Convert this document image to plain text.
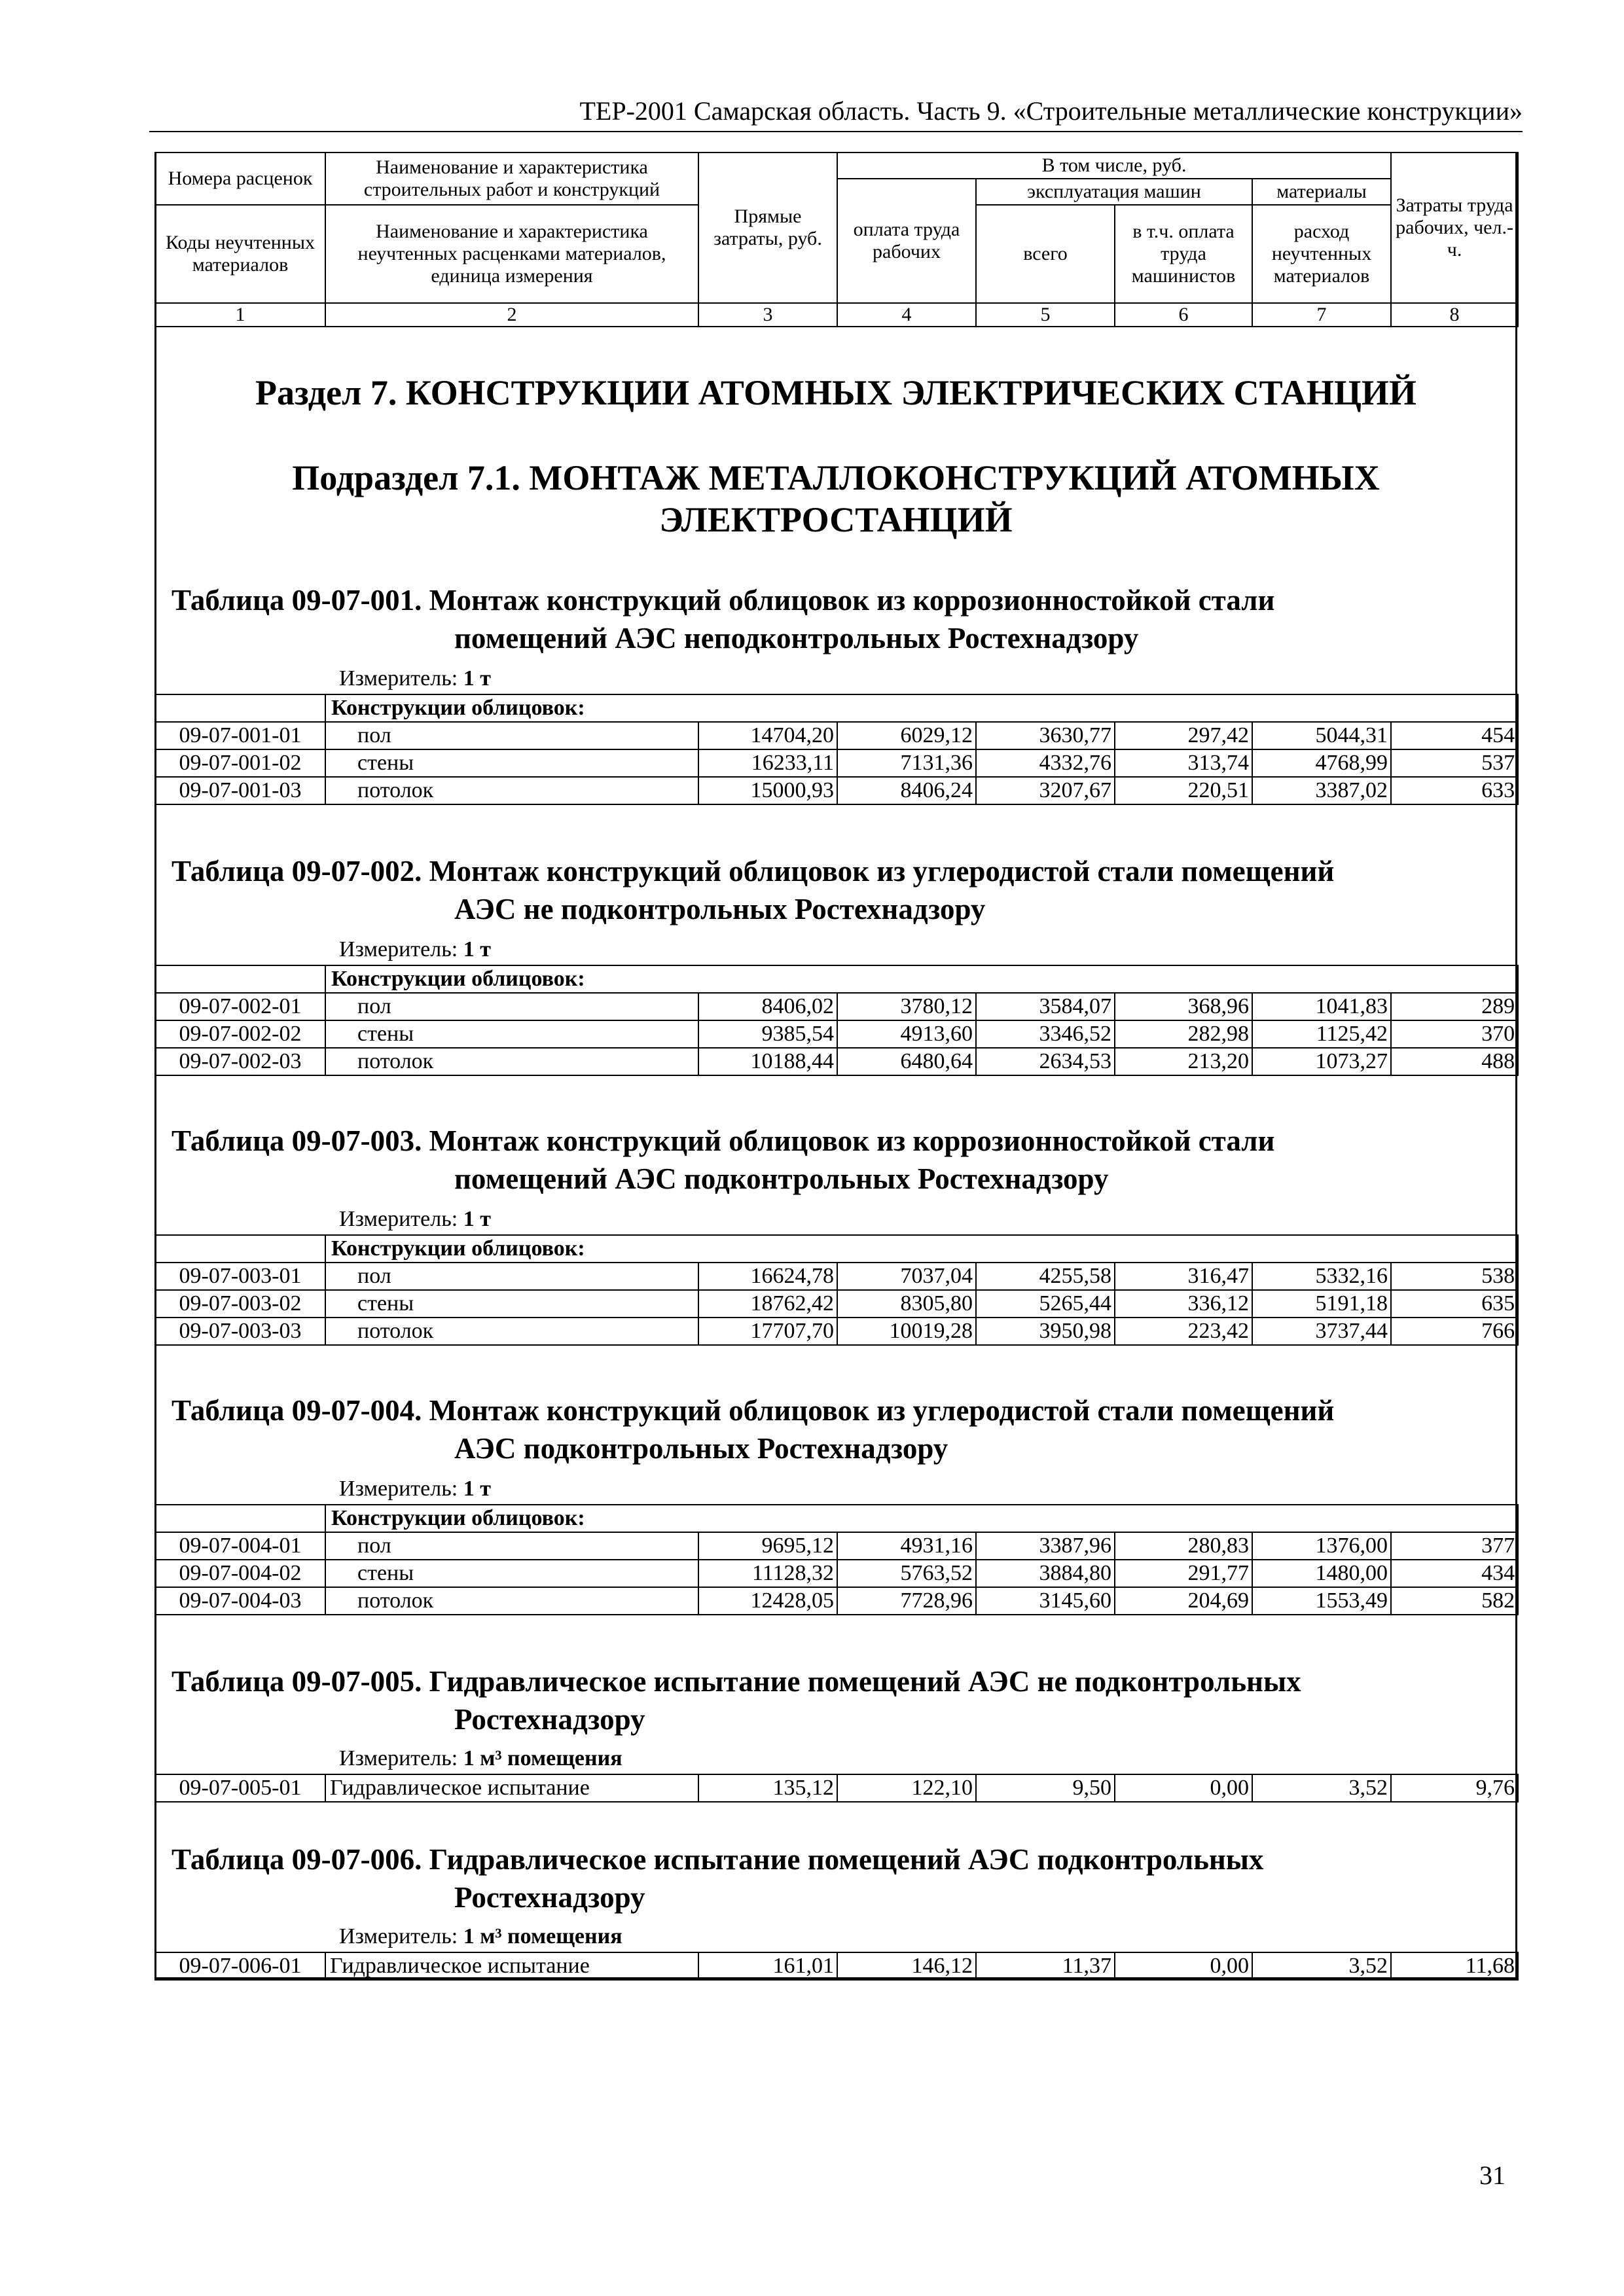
ТЕР-2001 Самарская область. Часть 9. «Строительные металлические конструкции»
Номера расценок	Наименование и характеристика строительных работ и конструкций	Прямые затраты, руб.	В том числе, руб.				Затраты труда рабочих, чел.-ч.
			оплата труда рабочих	эксплуатация машин		материалы	
Коды неучтенных материалов	Наименование и характеристика неучтенных расценками материалов, единица измерения			всего	в т.ч. оплата труда машинистов	расход неучтенных материалов	

1	2	3	4	5	6	7	8
Раздел 7. КОНСТРУКЦИИ АТОМНЫХ ЭЛЕКТРИЧЕСКИХ СТАНЦИЙ
Подраздел 7.1. МОНТАЖ МЕТАЛЛОКОНСТРУКЦИЙ АТОМНЫХ
ЭЛЕКТРОСТАНЦИЙ
Таблица 09-07-001. Монтаж конструкций облицовок из коррозионностойкой стали
помещений АЭС неподконтрольных Ростехнадзору
Измеритель: 1 т
	Конструкции облицовок:						
09-07-001-01	пол	14704,20	6029,12	3630,77	297,42	5044,31	454
09-07-001-02	стены	16233,11	7131,36	4332,76	313,74	4768,99	537
09-07-001-03	потолок	15000,93	8406,24	3207,67	220,51	3387,02	633
Таблица 09-07-002. Монтаж конструкций облицовок из углеродистой стали помещений
АЭС не подконтрольных Ростехнадзору
Измеритель: 1 т
	Конструкции облицовок:						
09-07-002-01	пол	8406,02	3780,12	3584,07	368,96	1041,83	289
09-07-002-02	стены	9385,54	4913,60	3346,52	282,98	1125,42	370
09-07-002-03	потолок	10188,44	6480,64	2634,53	213,20	1073,27	488
Таблица 09-07-003. Монтаж конструкций облицовок из коррозионностойкой стали
помещений АЭС подконтрольных Ростехнадзору
Измеритель: 1 т
	Конструкции облицовок:						
09-07-003-01	пол	16624,78	7037,04	4255,58	316,47	5332,16	538
09-07-003-02	стены	18762,42	8305,80	5265,44	336,12	5191,18	635
09-07-003-03	потолок	17707,70	10019,28	3950,98	223,42	3737,44	766
Таблица 09-07-004. Монтаж конструкций облицовок из углеродистой стали помещений
АЭС подконтрольных Ростехнадзору
Измеритель: 1 т
	Конструкции облицовок:						
09-07-004-01	пол	9695,12	4931,16	3387,96	280,83	1376,00	377
09-07-004-02	стены	11128,32	5763,52	3884,80	291,77	1480,00	434
09-07-004-03	потолок	12428,05	7728,96	3145,60	204,69	1553,49	582
Таблица 09-07-005. Гидравлическое испытание помещений АЭС не подконтрольных
Ростехнадзору
Измеритель: 1 м³ помещения
09-07-005-01	Гидравлическое испытание	135,12	122,10	9,50	0,00	3,52	9,76
Таблица 09-07-006. Гидравлическое испытание помещений АЭС подконтрольных
Ростехнадзору
Измеритель: 1 м³ помещения
09-07-006-01	Гидравлическое испытание	161,01	146,12	11,37	0,00	3,52	11,68
31
